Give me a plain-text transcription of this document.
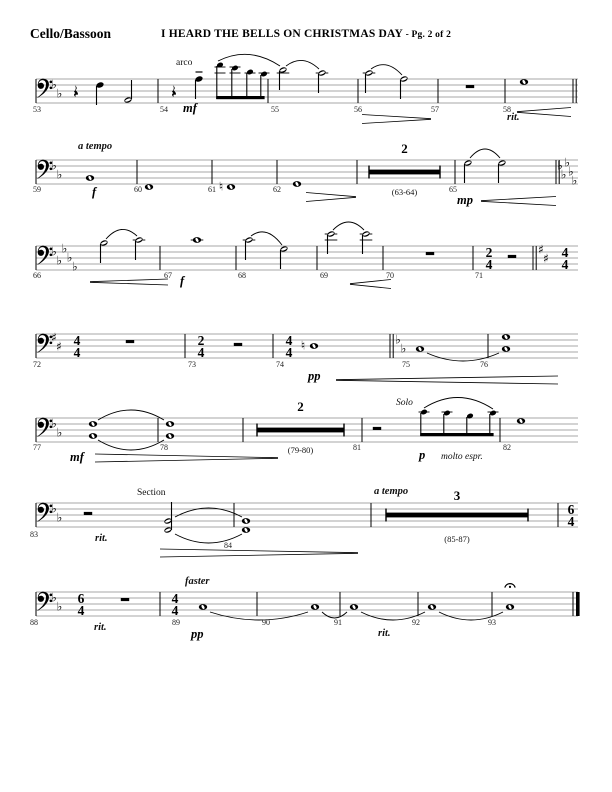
Cello/Bassoon	I HEARD THE BELLS ON CHRISTMAS DAY - Pg. 2 of 2
♭
♭
arco
mf
rit.
53	54	55	56	57	58
♭
♭
a tempo
f	♮
2
(63-64)
mp
♭
♭
♭
♭
♭
59	60	61	62	65
♭
♭
♭
♭
♭
f
2
4
♯
♯ 4
4
66	67	68	69	70	71
♯
♯ 4
4
2
4
4
4 ♮
pp
♭
♭
72	73	74	75	76
♭
♭
mf
2
(79-80)
Solo
p molto espr.
77	78	81	82
♭
♭
rit.
Section
84
a tempo	3
(85-87)
6
4
83
♭
♭
6
4
rit.
4
4
faster
pp	rit.
88	89	90	91	92	93
